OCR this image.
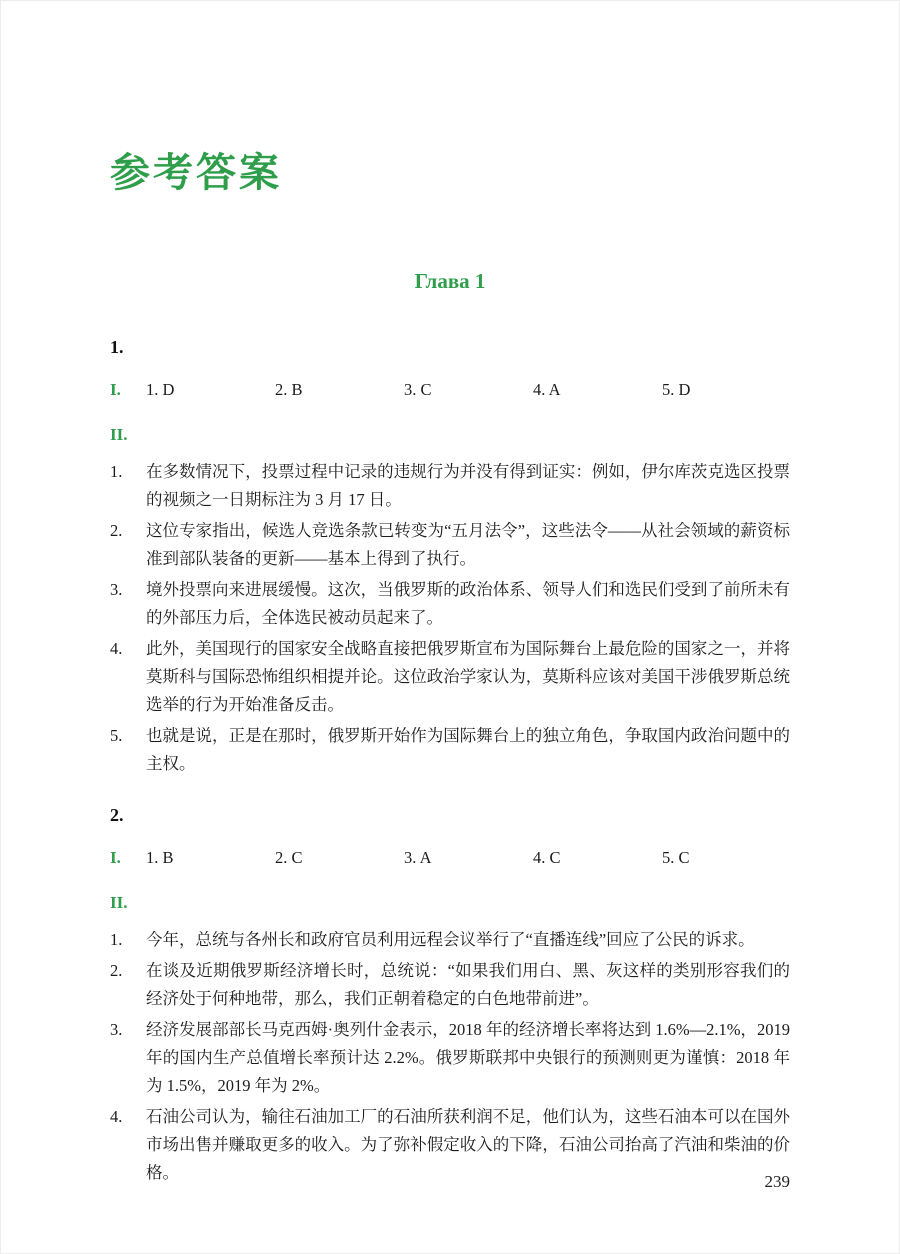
参考答案
Глава 1
1.
I.	1. D	2. B	3. C	4. A	5. D
II.
1.	在多数情况下，投票过程中记录的违规行为并没有得到证实：例如，伊尔库茨克选区投票的视频之一日期标注为 3 月 17 日。
2.	这位专家指出，候选人竞选条款已转变为“五月法令”，这些法令——从社会领域的薪资标准到部队装备的更新——基本上得到了执行。
3.	境外投票向来进展缓慢。这次，当俄罗斯的政治体系、领导人们和选民们受到了前所未有的外部压力后，全体选民被动员起来了。
4.	此外，美国现行的国家安全战略直接把俄罗斯宣布为国际舞台上最危险的国家之一，并将莫斯科与国际恐怖组织相提并论。这位政治学家认为，莫斯科应该对美国干涉俄罗斯总统选举的行为开始准备反击。
5.	也就是说，正是在那时，俄罗斯开始作为国际舞台上的独立角色，争取国内政治问题中的主权。
2.
I.	1. B	2. C	3. A	4. C	5. C
II.
1.	今年，总统与各州长和政府官员利用远程会议举行了“直播连线”回应了公民的诉求。
2.	在谈及近期俄罗斯经济增长时，总统说：“如果我们用白、黑、灰这样的类别形容我们的经济处于何种地带，那么，我们正朝着稳定的白色地带前进”。
3.	经济发展部部长马克西姆·奥列什金表示，2018 年的经济增长率将达到 1.6%—2.1%，2019 年的国内生产总值增长率预计达 2.2%。俄罗斯联邦中央银行的预测则更为谨慎：2018 年为 1.5%，2019 年为 2%。
4.	石油公司认为，输往石油加工厂的石油所获利润不足，他们认为，这些石油本可以在国外市场出售并赚取更多的收入。为了弥补假定收入的下降，石油公司抬高了汽油和柴油的价格。	239
